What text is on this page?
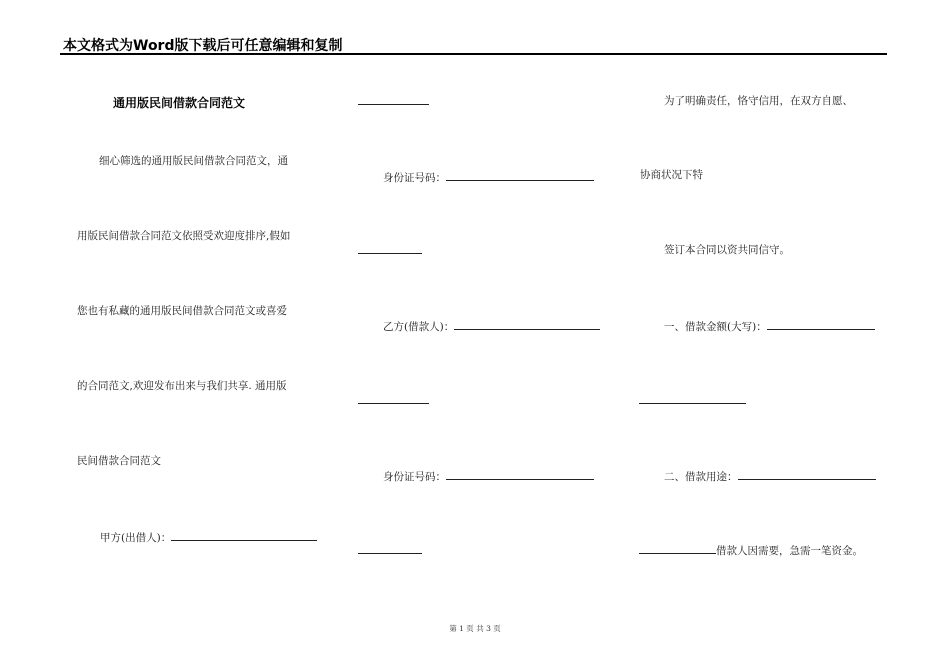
本文格式为Word版下载后可任意编辑和复制
通用版民间借款合同范文
细心筛选的通用版民间借款合同范文，通
用版民间借款合同范文依照受欢迎度排序,假如
您也有私藏的通用版民间借款合同范文或喜爱
的合同范文,欢迎发布出来与我们共享. 通用版
民间借款合同范文
甲方(出借人)：
身份证号码：
乙方(借款人)：
身份证号码：
为了明确责任，恪守信用，在双方自愿、
协商状况下特
签订本合同以资共同信守。
一、借款金额(大写)：
二、借款用途：
借款人因需要，急需一笔资金。
第 1 页 共 3 页
